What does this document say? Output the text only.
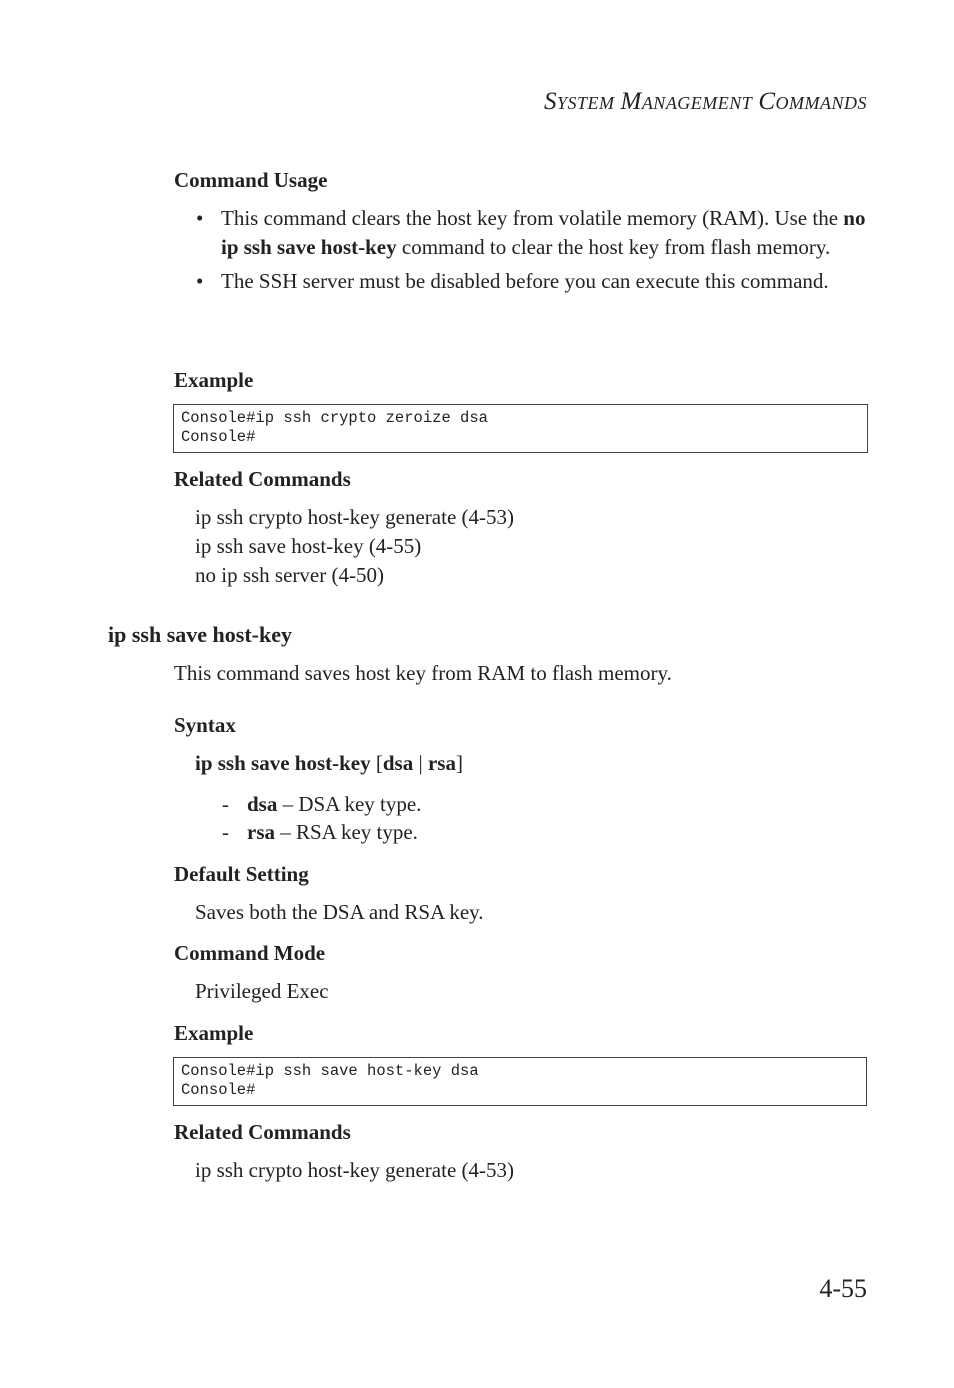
SYSTEM MANAGEMENT COMMANDS
Command Usage
• This command clears the host key from volatile memory (RAM). Use the no ip ssh save host-key command to clear the host key from flash memory.
• The SSH server must be disabled before you can execute this command.
Example
Console#ip ssh crypto zeroize dsa
Console#
Related Commands
ip ssh crypto host-key generate (4-53)
ip ssh save host-key (4-55)
no ip ssh server (4-50)
ip ssh save host-key
This command saves host key from RAM to flash memory.
Syntax
ip ssh save host-key [dsa | rsa]
- dsa – DSA key type.
- rsa – RSA key type.
Default Setting
Saves both the DSA and RSA key.
Command Mode
Privileged Exec
Example
Console#ip ssh save host-key dsa
Console#
Related Commands
ip ssh crypto host-key generate (4-53)
4-55
